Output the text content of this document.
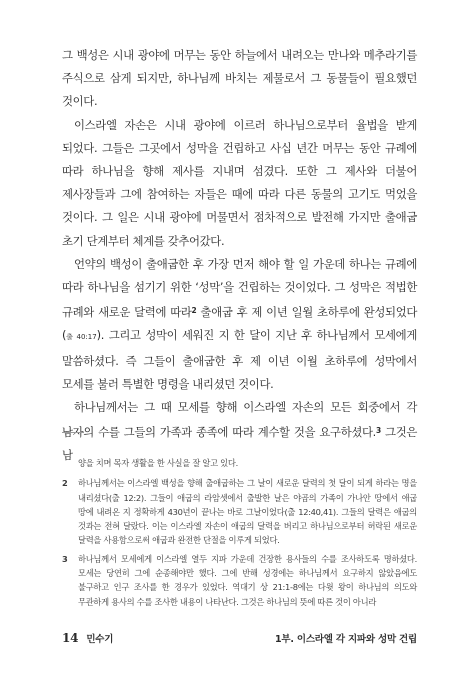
그 백성은 시내 광야에 머무는 동안 하늘에서 내려오는 만나와 메추라기를 주식으로 삼게 되지만, 하나님께 바치는 제물로서 그 동물들이 필요했던 것이다.

이스라엘 자손은 시내 광야에 이르러 하나님으로부터 율법을 받게 되었다. 그들은 그곳에서 성막을 건립하고 사십 년간 머무는 동안 규례에 따라 하나님을 향해 제사를 지내며 섬겼다. 또한 그 제사와 더불어 제사장들과 그에 참여하는 자들은 때에 따라 다른 동물의 고기도 먹었을 것이다. 그 일은 시내 광야에 머물면서 점차적으로 발전해 가지만 출애굽 초기 단계부터 체계를 갖추어갔다.

언약의 백성이 출애굽한 후 가장 먼저 해야 할 일 가운데 하나는 규례에 따라 하나님을 섬기기 위한 ‘성막’을 건립하는 것이었다. 그 성막은 적법한 규례와 새로운 달력에 따라$^2$ 출애굽 후 제 이년 일월 초하루에 완성되었다(출 40:17). 그리고 성막이 세워진 지 한 달이 지난 후 하나님께서 모세에게 말씀하셨다. 즉 그들이 출애굽한 후 제 이년 이월 초하루에 성막에서 모세를 불러 특별한 명령을 내리셨던 것이다.

하나님께서는 그 때 모세를 향해 이스라엘 자손의 모든 회중에서 각 남자의 수를 그들의 가족과 종족에 따라 계수할 것을 요구하셨다.$^3$ 그것은 남

양을 치며 목자 생활을 한 사실을 잘 알고 있다.
2	하나님께서는 이스라엘 백성을 향해 출애굽하는 그 날이 새로운 달력의 첫 달이 되게 하라는 명을 내리셨다(출 12:2). 그들이 애굽의 라암셋에서 출발한 날은 야곱의 가족이 가나안 땅에서 애굽 땅에 내려온 지 정확하게 430년이 끝나는 바로 그날이었다(출 12:40,41). 그들의 달력은 애굽의 것과는 전혀 달랐다. 이는 이스라엘 자손이 애굽의 달력을 버리고 하나님으로부터 허락된 새로운 달력을 사용함으로써 애굽과 완전한 단절을 이루게 되었다.
3	하나님께서 모세에게 이스라엘 열두 지파 가운데 건장한 용사들의 수를 조사하도록 명하셨다. 모세는 당연히 그에 순종해야만 했다. 그에 반해 성경에는 하나님께서 요구하지 않았음에도 불구하고 인구 조사를 한 경우가 있었다. 역대기 상 21:1-8에는 다윗 왕이 하나님의 의도와 무관하게 용사의 수를 조사한 내용이 나타난다. 그것은 하나님의 뜻에 따른 것이 아니라
14 민수기	1부. 이스라엘 각 지파와 성막 건립
